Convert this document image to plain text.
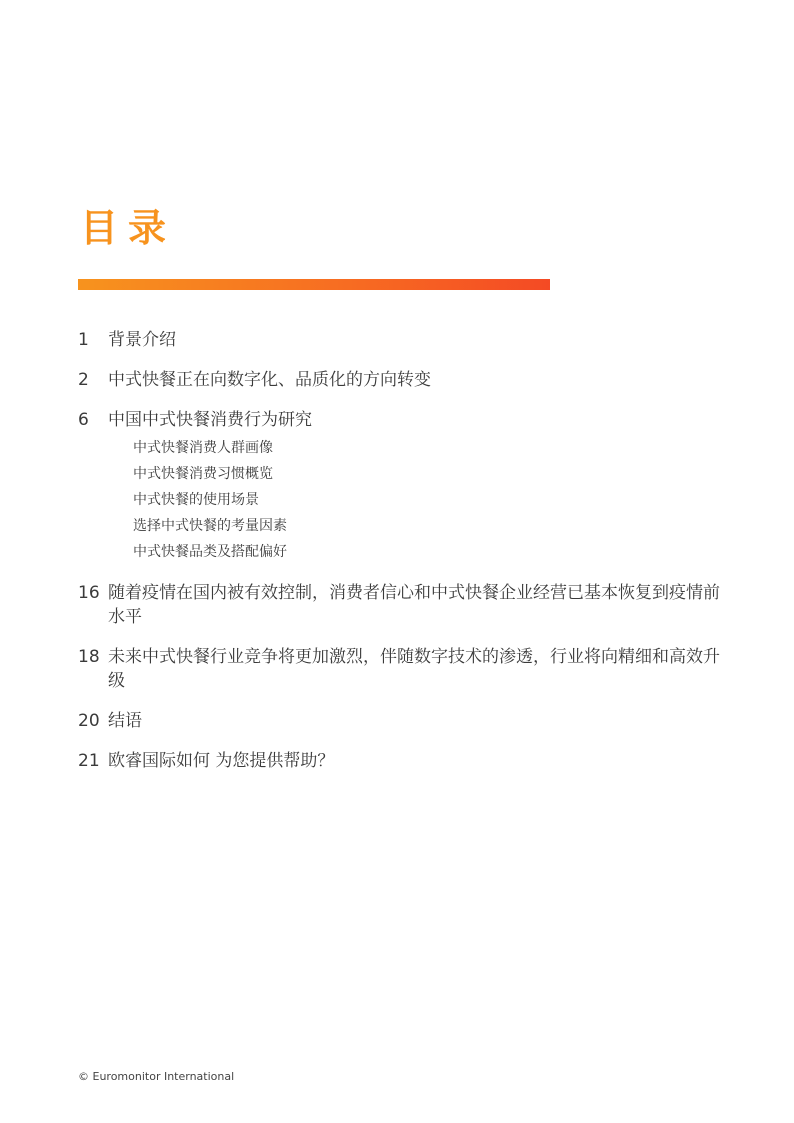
目录
1	背景介绍
2	中式快餐正在向数字化、品质化的方向转变
6	中国中式快餐消费行为研究
中式快餐消费人群画像
中式快餐消费习惯概览
中式快餐的使用场景
选择中式快餐的考量因素
中式快餐品类及搭配偏好
16 随着疫情在国内被有效控制，消费者信心和中式快餐企业经营已基本恢复到疫情前水平
18 未来中式快餐行业竞争将更加激烈，伴随数字技术的渗透，行业将向精细和高效升级
20 结语
21 欧睿国际如何 为您提供帮助？
© Euromonitor International
